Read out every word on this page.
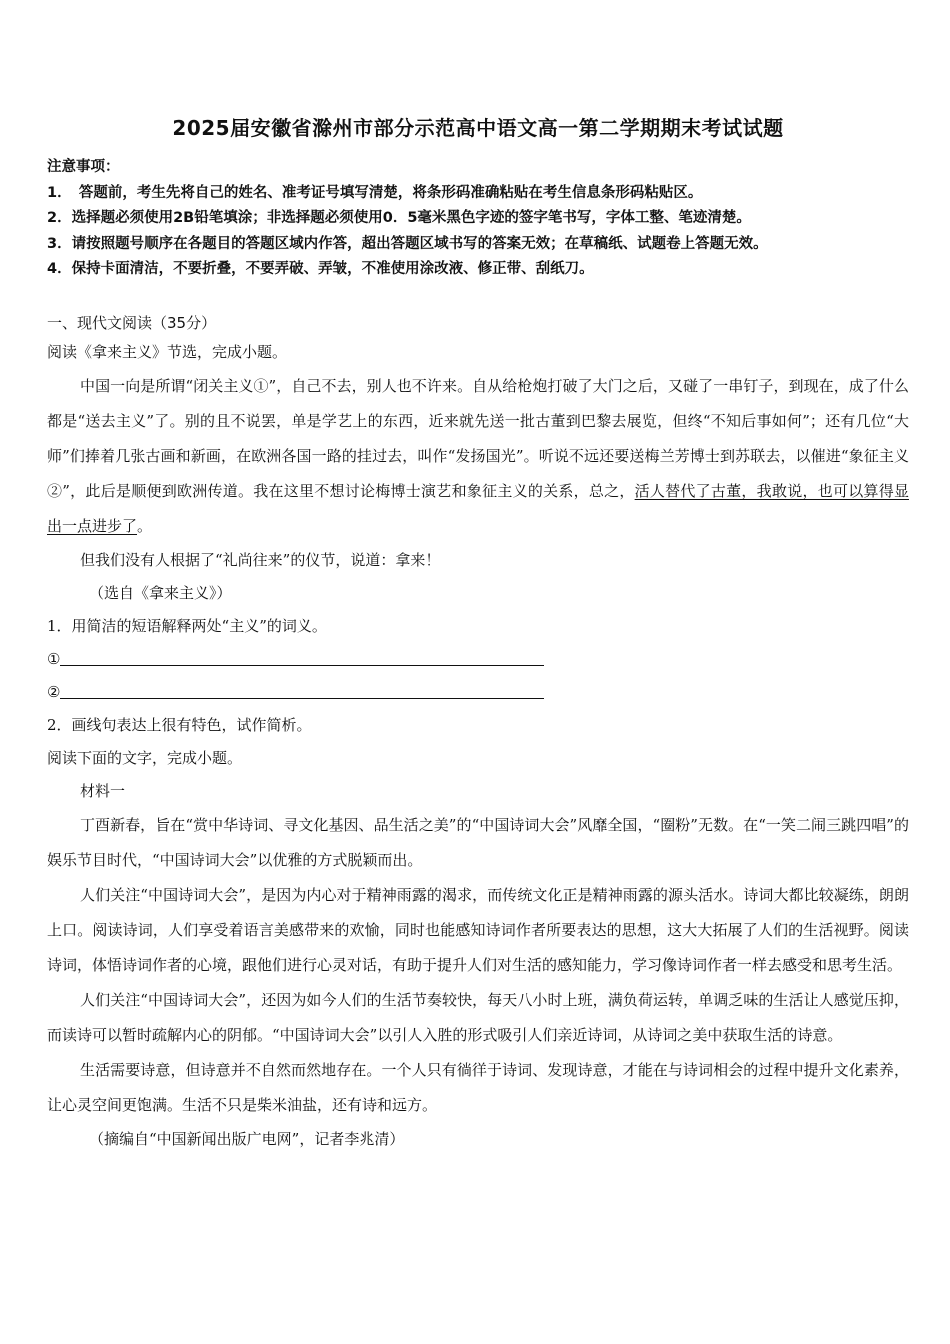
2025届安徽省滁州市部分示范高中语文高一第二学期期末考试试题
注意事项：
1．　答题前，考生先将自己的姓名、准考证号填写清楚，将条形码准确粘贴在考生信息条形码粘贴区。
2．选择题必须使用2B铅笔填涂；非选择题必须使用0．5毫米黑色字迹的签字笔书写，字体工整、笔迹清楚。
3．请按照题号顺序在各题目的答题区域内作答，超出答题区域书写的答案无效；在草稿纸、试题卷上答题无效。
4．保持卡面清洁，不要折叠，不要弄破、弄皱，不准使用涂改液、修正带、刮纸刀。
一、现代文阅读（35分）
阅读《拿来主义》节选，完成小题。

中国一向是所谓“闭关主义①”，自己不去，别人也不许来。自从给枪炮打破了大门之后，又碰了一串钉子，到现在，成了什么都是“送去主义”了。别的且不说罢，单是学艺上的东西，近来就先送一批古董到巴黎去展览，但终“不知后事如何”；还有几位“大师”们捧着几张古画和新画，在欧洲各国一路的挂过去，叫作“发扬国光”。听说不远还要送梅兰芳博士到苏联去，以催进“象征主义②”，此后是顺便到欧洲传道。我在这里不想讨论梅博士演艺和象征主义的关系，总之，活人替代了古董，我敢说，也可以算得显出一点进步了。

但我们没有人根据了“礼尚往来”的仪节，说道：拿来！
（选自《拿来主义》）
1．用简洁的短语解释两处“主义”的词义。
①
②
2．画线句表达上很有特色，试作简析。
阅读下面的文字，完成小题。
材料一

丁酉新春，旨在“赏中华诗词、寻文化基因、品生活之美”的“中国诗词大会”风靡全国，“圈粉”无数。在“一笑二闹三跳四唱”的娱乐节目时代，“中国诗词大会”以优雅的方式脱颖而出。

人们关注“中国诗词大会”，是因为内心对于精神雨露的渴求，而传统文化正是精神雨露的源头活水。诗词大都比较凝练，朗朗上口。阅读诗词，人们享受着语言美感带来的欢愉，同时也能感知诗词作者所要表达的思想，这大大拓展了人们的生活视野。阅读诗词，体悟诗词作者的心境，跟他们进行心灵对话，有助于提升人们对生活的感知能力，学习像诗词作者一样去感受和思考生活。

人们关注“中国诗词大会”，还因为如今人们的生活节奏较快，每天八小时上班，满负荷运转，单调乏味的生活让人感觉压抑，而读诗可以暂时疏解内心的阴郁。“中国诗词大会”以引人入胜的形式吸引人们亲近诗词，从诗词之美中获取生活的诗意。

生活需要诗意，但诗意并不自然而然地存在。一个人只有徜徉于诗词、发现诗意，才能在与诗词相会的过程中提升文化素养，让心灵空间更饱满。生活不只是柴米油盐，还有诗和远方。

（摘编自“中国新闻出版广电网”，记者李兆清）
